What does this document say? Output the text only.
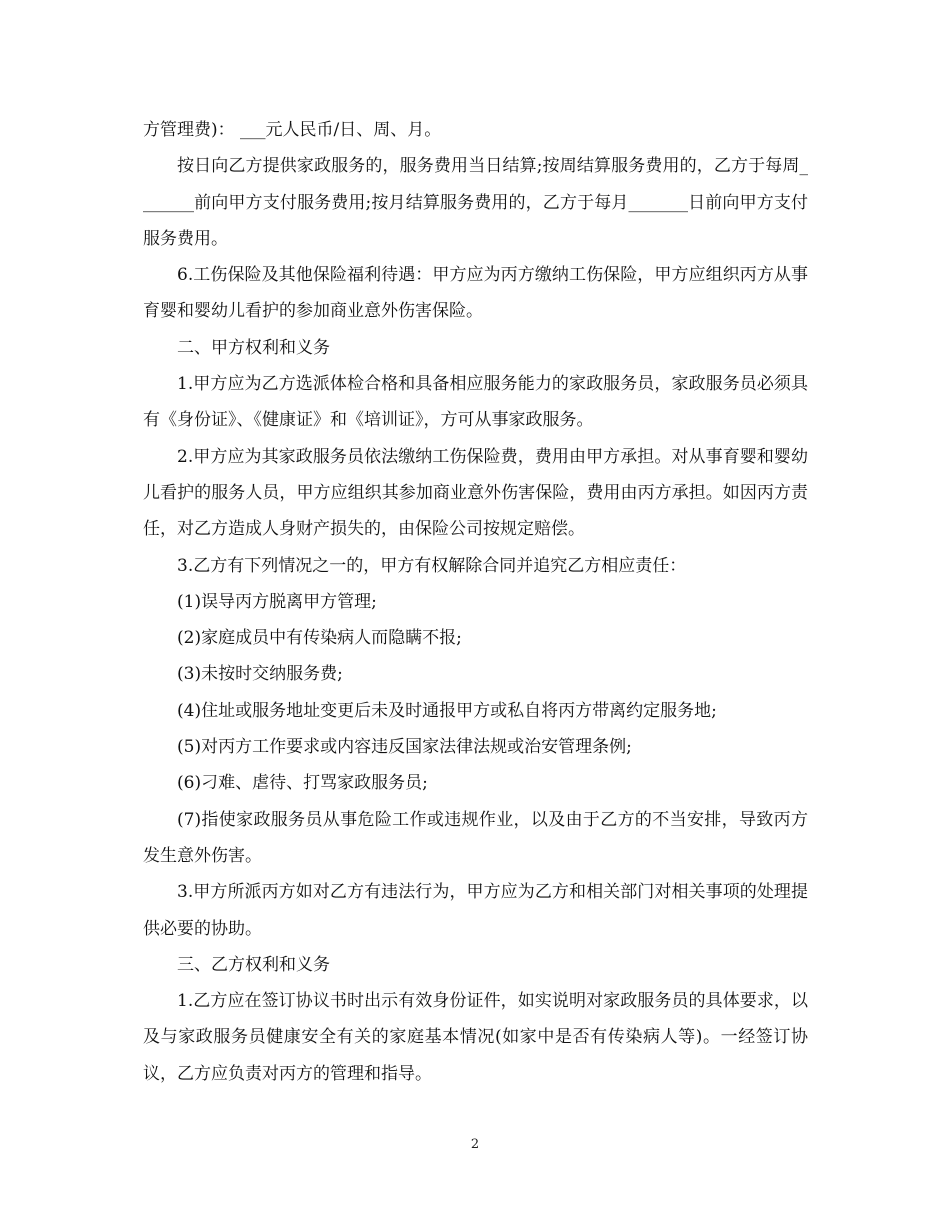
方管理费)： ___元人民币/日、周、月。

按日向乙方提供家政服务的，服务费用当日结算;按周结算服务费用的，乙方于每周_______前向甲方支付服务费用;按月结算服务费用的，乙方于每月_______日前向甲方支付服务费用。

6.工伤保险及其他保险福利待遇：甲方应为丙方缴纳工伤保险，甲方应组织丙方从事育婴和婴幼儿看护的参加商业意外伤害保险。

二、甲方权利和义务

1.甲方应为乙方选派体检合格和具备相应服务能力的家政服务员，家政服务员必须具有《身份证》、《健康证》和《培训证》，方可从事家政服务。

2.甲方应为其家政服务员依法缴纳工伤保险费，费用由甲方承担。对从事育婴和婴幼儿看护的服务人员，甲方应组织其参加商业意外伤害保险，费用由丙方承担。如因丙方责任，对乙方造成人身财产损失的，由保险公司按规定赔偿。

3.乙方有下列情况之一的，甲方有权解除合同并追究乙方相应责任：

(1)误导丙方脱离甲方管理;

(2)家庭成员中有传染病人而隐瞒不报;

(3)未按时交纳服务费;

(4)住址或服务地址变更后未及时通报甲方或私自将丙方带离约定服务地;

(5)对丙方工作要求或内容违反国家法律法规或治安管理条例;

(6)刁难、虐待、打骂家政服务员;

(7)指使家政服务员从事危险工作或违规作业，以及由于乙方的不当安排，导致丙方发生意外伤害。

3.甲方所派丙方如对乙方有违法行为，甲方应为乙方和相关部门对相关事项的处理提供必要的协助。

三、乙方权利和义务

1.乙方应在签订协议书时出示有效身份证件，如实说明对家政服务员的具体要求，以及与家政服务员健康安全有关的家庭基本情况(如家中是否有传染病人等)。一经签订协议，乙方应负责对丙方的管理和指导。

2
